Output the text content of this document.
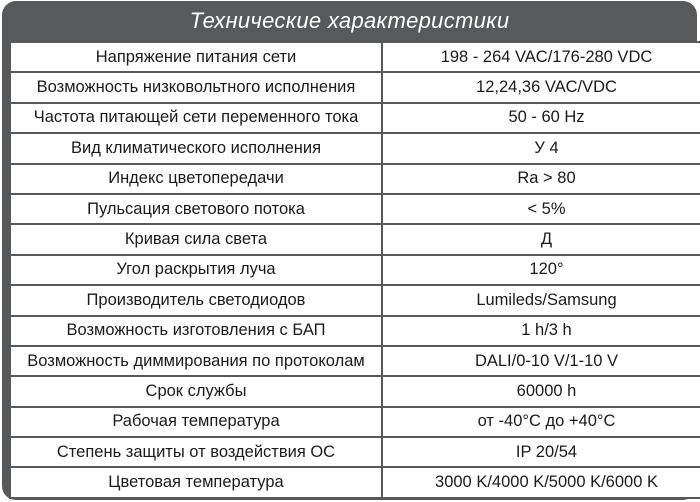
Технические характеристики
Напряжение питания сети	198 - 264 VAC/176-280 VDC
Возможность низковольтного исполнения	12,24,36 VAC/VDC
Частота питающей сети переменного тока	50 - 60 Hz
Вид климатического исполнения	У 4
Индекс цветопередачи	Ra > 80
Пульсация светового потока	< 5%
Кривая сила света	Д
Угол раскрытия луча	120°
Производитель светодиодов	Lumileds/Samsung
Возможность изготовления с БАП	1 h/3 h
Возможность диммирования по протоколам	DALI/0-10 V/1-10 V
Срок службы	60000 h
Рабочая температура	от -40°C до +40°C
Степень защиты от воздействия ОС	IP 20/54
Цветовая температура	3000 K/4000 K/5000 K/6000 K
